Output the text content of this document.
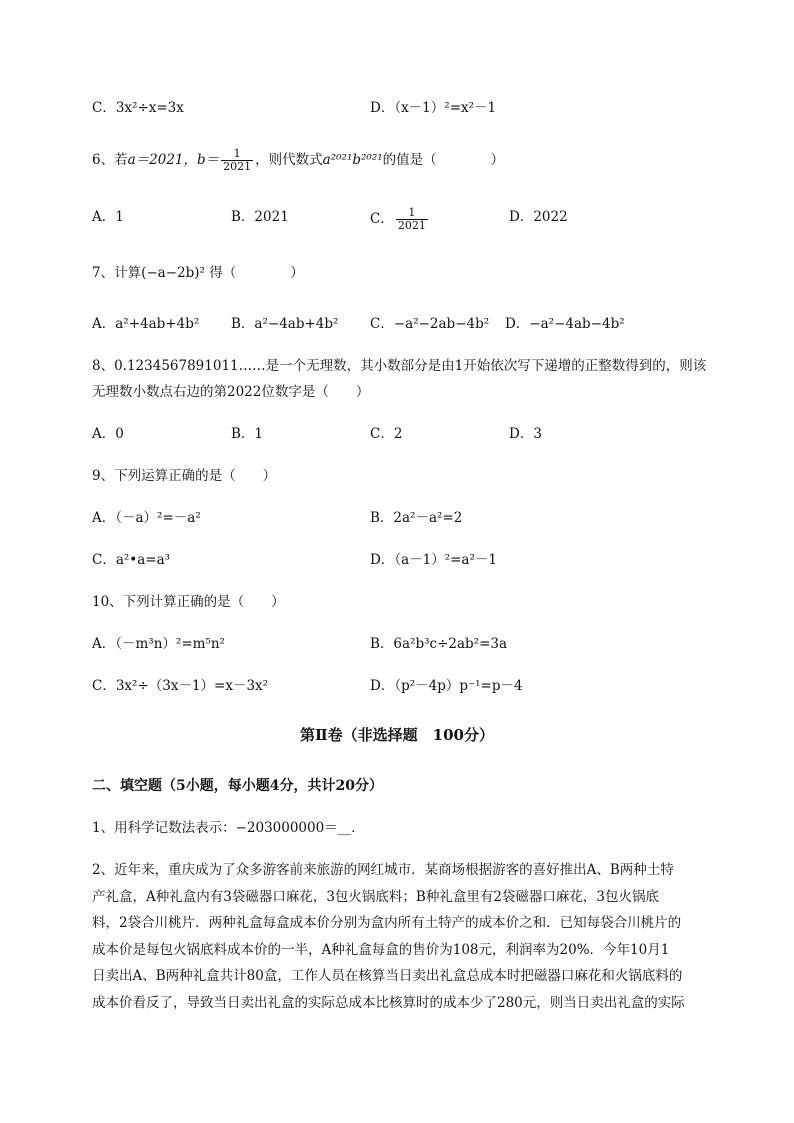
C．3x²÷x=3x	D．（x－1）²=x²－1
6、若a＝2021，$b= \frac{1}{2021}$ ，则代数式a²⁰²¹b²⁰²¹的值是（　　　　）
A．1	B．2021	C． $\frac{1}{2021}$	D．2022
7、计算(−a−2b)² 得（　　　　）
A．a²+4ab+4b² B．a²−4ab+4b² C．−a²−2ab−4b² D．−a²−4ab−4b²
8、0.1234567891011……是一个无理数，其小数部分是由1开始依次写下递增的正整数得到的，则该
无理数小数点右边的第2022位数字是（　　）
A．0	B．1	C．2	D．3
9、下列运算正确的是（　　）
A．（－a）²=－a²	B．2a²－a²=2
C．a²•a=a³	D．（a－1）²=a²－1
10、下列计算正确的是（　　）
A．（－m³n）²=m⁵n²	B．6a²b³c÷2ab²=3a
C．3x²÷（3x－1）=x－3x²	D．（p²－4p）p⁻¹=p－4
第Ⅱ卷（非选择题　100分）
二、填空题（5小题，每小题4分，共计20分）
1、用科学记数法表示：−203000000＝__．
2、近年来，重庆成为了众多游客前来旅游的网红城市．某商场根据游客的喜好推出A、B两种土特
产礼盒，A种礼盒内有3袋磁器口麻花，3包火锅底料；B种礼盒里有2袋磁器口麻花，3包火锅底
料，2袋合川桃片．两种礼盒每盒成本价分别为盒内所有土特产的成本价之和．已知每袋合川桃片的
成本价是每包火锅底料成本价的一半，A种礼盒每盒的售价为108元，利润率为20%．今年10月1
日卖出A、B两种礼盒共计80盒，工作人员在核算当日卖出礼盒总成本时把磁器口麻花和火锅底料的
成本价看反了，导致当日卖出礼盒的实际总成本比核算时的成本少了280元，则当日卖出礼盒的实际
